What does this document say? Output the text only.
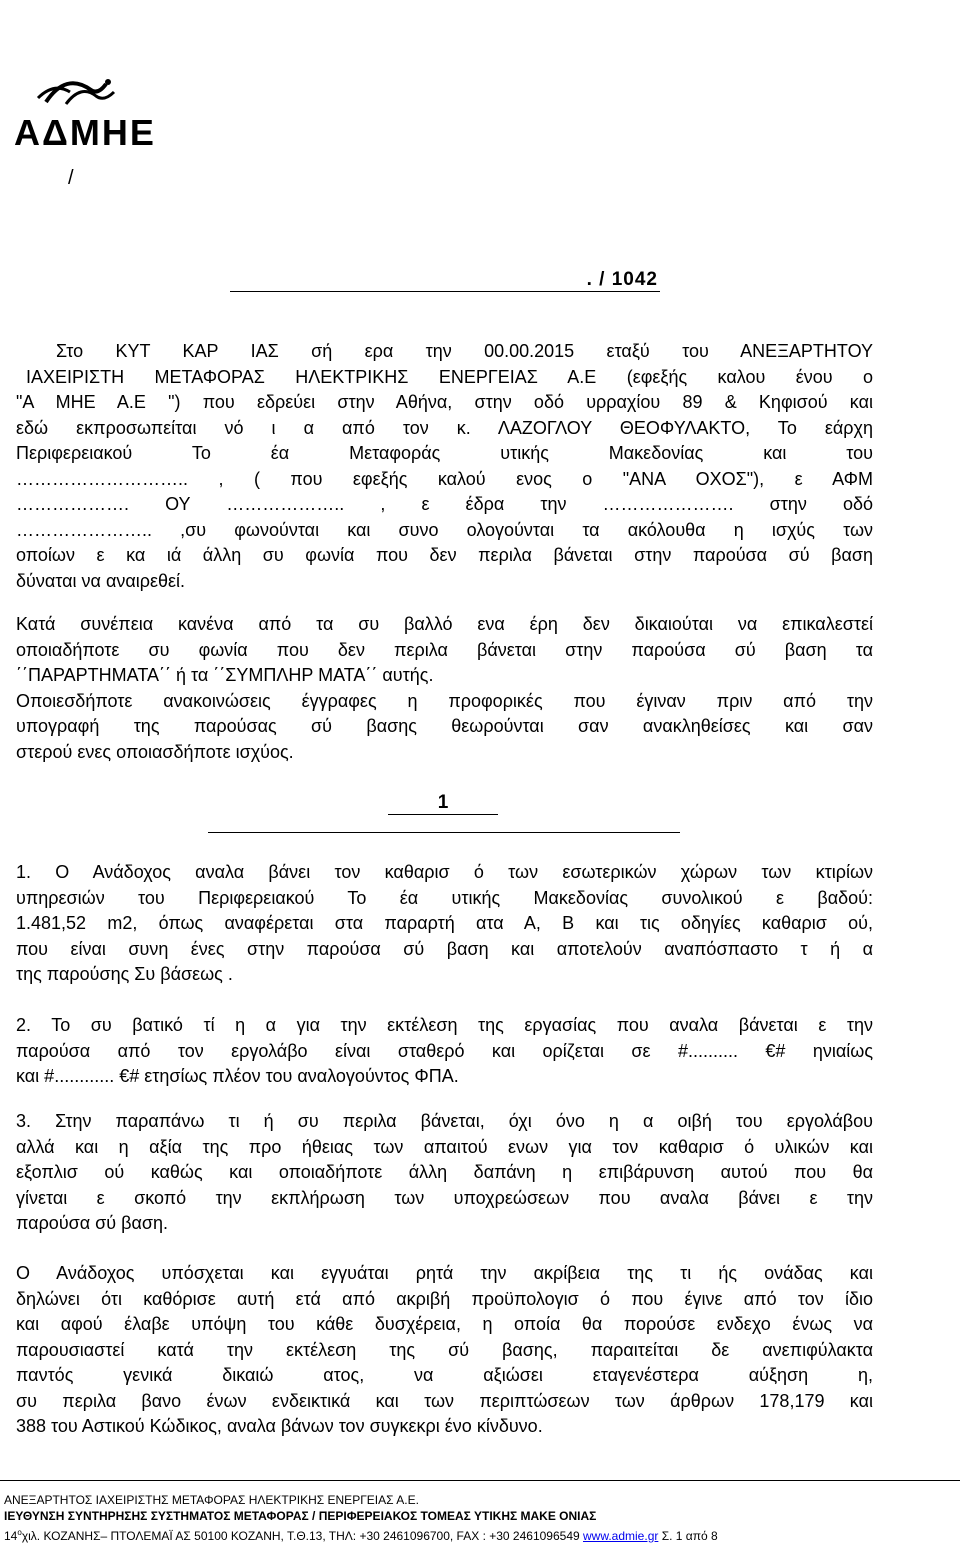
ΑΔΜΗΕ
/
. / 1042
Στο ΚΥΤ ΚΑΡ ΙΑΣ σή ερα την 00.00.2015 εταξύ του ΑΝΕΞΑΡΤΗΤΟΥ
ΙΑΧΕΙΡΙΣΤΗ ΜΕΤΑΦΟΡΑΣ ΗΛΕΚΤΡΙΚΗΣ ΕΝΕΡΓΕΙΑΣ Α.Ε (εφεξής καλου ένου ο
"Α ΜΗΕ Α.Ε ") που εδρεύει στην Αθήνα, στην οδό υρραχίου 89 & Κηφισού και
εδώ εκπροσωπείται νό ι α από τον κ. ΛΑΖΟΓΛΟΥ ΘΕΟΦΥΛΑΚΤΟ, Το εάρχη
Περιφερειακού Το έα Μεταφοράς υτικής Μακεδονίας και του
……………………….. , ( που εφεξής καλού ενος ο "ΑΝΑ ΟΧΟΣ"), ε ΑΦΜ
………………. ΟΥ ……………….. , ε έδρα την …………………. στην οδό
………………….. ,συ φωνούνται και συνο ολογούνται τα ακόλουθα η ισχύς των
οποίων ε κα ιά άλλη συ φωνία που δεν περιλα βάνεται στην παρούσα σύ βαση
δύναται να αναιρεθεί.
Κατά συνέπεια κανένα από τα συ βαλλό ενα έρη δεν δικαιούται να επικαλεστεί
οποιαδήποτε συ φωνία που δεν περιλα βάνεται στην παρούσα σύ βαση τα
΄΄ΠΑΡΑΡΤΗΜΑΤΑ΄΄ ή τα ΄΄ΣΥΜΠΛΗΡ ΜΑΤΑ΄΄ αυτής.
Οποιεσδήποτε ανακοινώσεις έγγραφες η προφορικές που έγιναν πριν από την
υπογραφή της παρούσας σύ βασης θεωρούνται σαν ανακληθείσες και σαν
στερού ενες οποιασδήποτε ισχύος.
1
1. Ο Ανάδοχος αναλα βάνει τον καθαρισ ό των εσωτερικών χώρων των κτιρίων
υπηρεσιών του Περιφερειακού Το έα υτικής Μακεδονίας συνολικού ε βαδού:
1.481,52 m2, όπως αναφέρεται στα παραρτή ατα Α, Β και τις οδηγίες καθαρισ ού,
που είναι συνη ένες στην παρούσα σύ βαση και αποτελούν αναπόσπαστο τ ή α
της παρούσης Συ βάσεως .
2. Το συ βατικό τί η α για την εκτέλεση της εργασίας που αναλα βάνεται ε την
παρούσα από τον εργολάβο είναι σταθερό και ορίζεται σε #.......... €# ηνιαίως
και #............ €# ετησίως πλέον του αναλογούντος ΦΠΑ.
3. Στην παραπάνω τι ή συ περιλα βάνεται, όχι όνο η α οιβή του εργολάβου
αλλά και η αξία της προ ήθειας των απαιτού ενων για τον καθαρισ ό υλικών και
εξοπλισ ού καθώς και οποιαδήποτε άλλη δαπάνη η επιβάρυνση αυτού που θα
γίνεται ε σκοπό την εκπλήρωση των υποχρεώσεων που αναλα βάνει ε την
παρούσα σύ βαση.
Ο Ανάδοχος υπόσχεται και εγγυάται ρητά την ακρίβεια της τι ής ονάδας και
δηλώνει ότι καθόρισε αυτή ετά από ακριβή προϋπολογισ ό που έγινε από τον ίδιο
και αφού έλαβε υπόψη του κάθε δυσχέρεια, η οποία θα πορούσε ενδεχο ένως να
παρουσιαστεί κατά την εκτέλεση της σύ βασης, παραιτείται δε ανεπιφύλακτα
παντός γενικά δικαιώ ατος, να αξιώσει εταγενέστερα αύξηση η,
συ περιλα βανο ένων ενδεικτικά και των περιπτώσεων των άρθρων 178,179 και
388 του Αστικού Κώδικος, αναλα βάνων τον συγκεκρι ένο κίνδυνο.
ΑΝΕΞΑΡΤΗΤΟΣ ΙΑΧΕΙΡΙΣΤΗΣ ΜΕΤΑΦΟΡΑΣ ΗΛΕΚΤΡΙΚΗΣ ΕΝΕΡΓΕΙΑΣ Α.Ε.
ΙΕΥΘΥΝΣΗ ΣΥΝΤΗΡΗΣΗΣ ΣΥΣΤΗΜΑΤΟΣ ΜΕΤΑΦΟΡΑΣ / ΠΕΡΙΦΕΡΕΙΑΚΟΣ ΤΟΜΕΑΣ ΥΤΙΚΗΣ ΜΑΚΕ ΟΝΙΑΣ
$14^o\chi\iota\lambda$. ΚΟΖΑΝΗΣ– ΠΤΟΛΕΜΑΪ ΑΣ 50100 ΚΟΖΑΝΗ, Τ.Θ.13, ΤΗΛ: +30 2461096700, FAX : +30 2461096549 www.admie.gr Σ. 1 από 8
